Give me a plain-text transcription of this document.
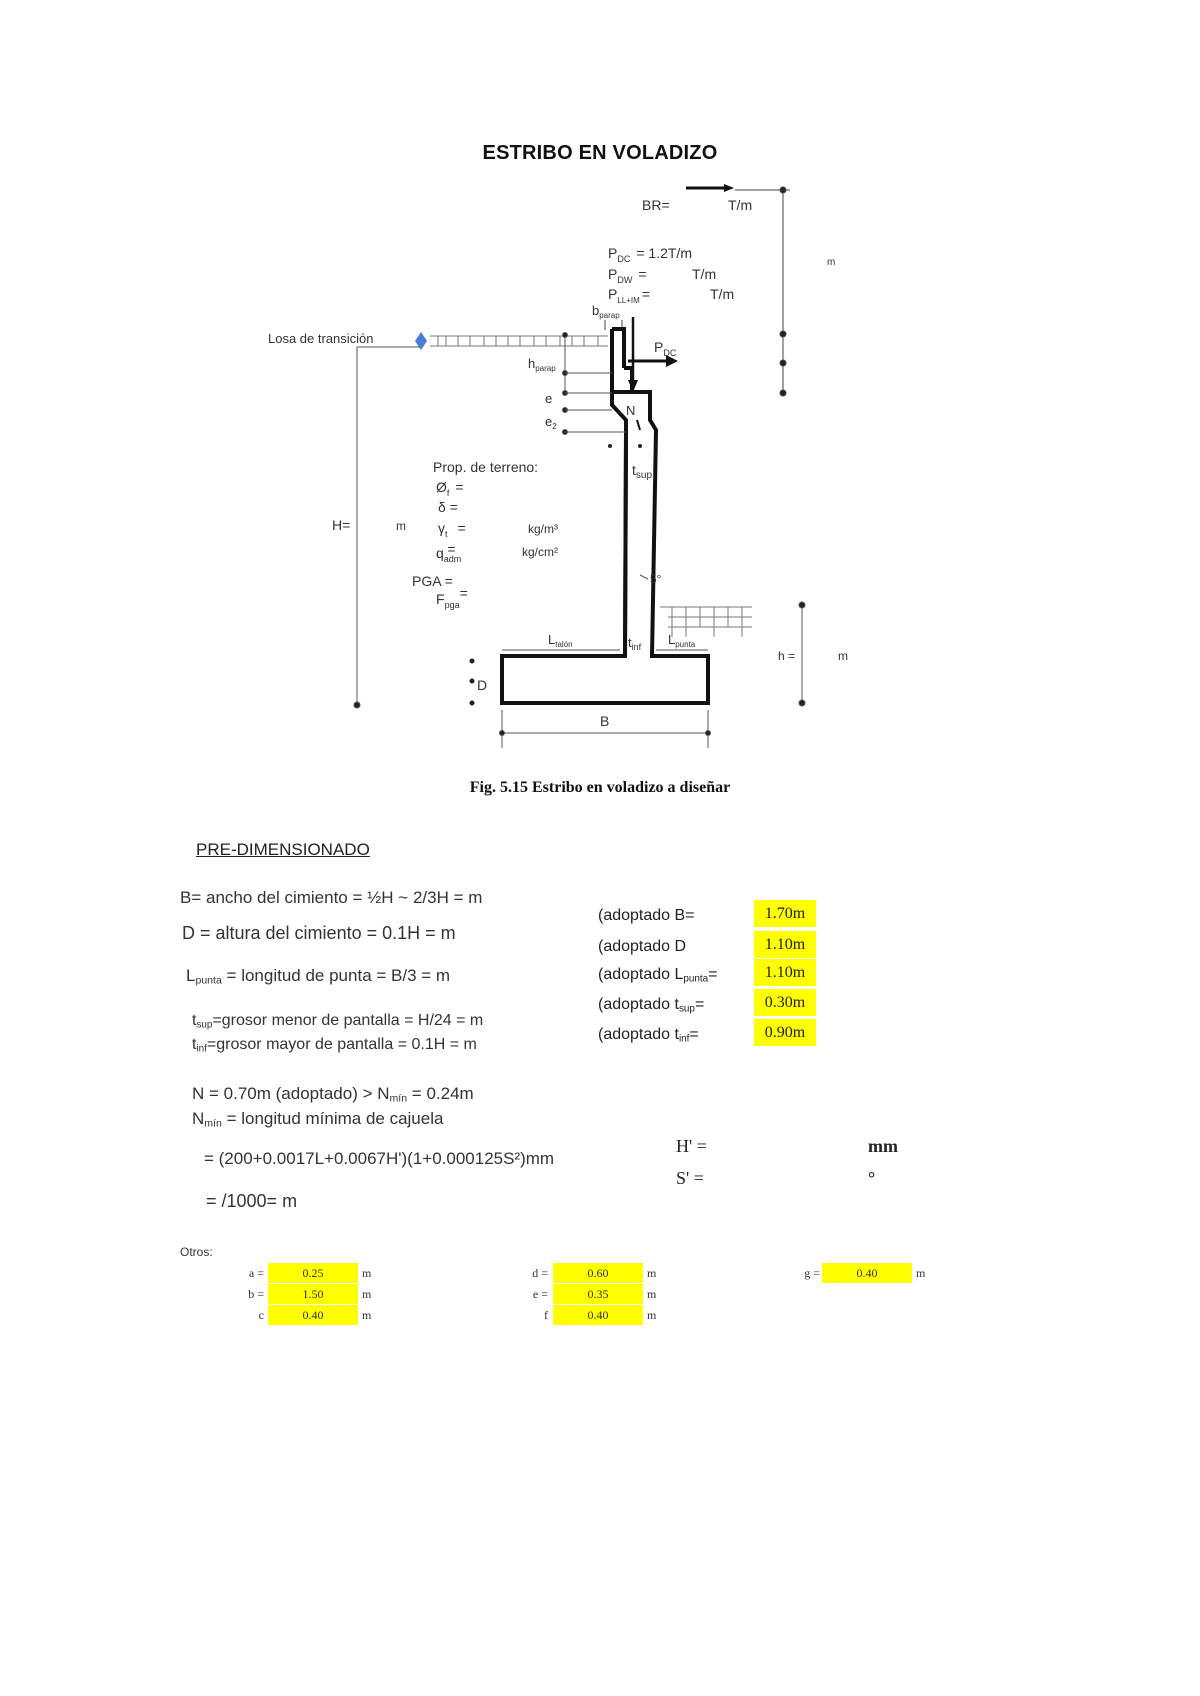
ESTRIBO EN VOLADIZO
Losa de transición
BR=	T/m
$P_{DC} = 1.2T/m$
$P_{DW}$ =	T/m
$P_{LL+IM}$ =	T/m
m
$b_{parap}$
$P_{DC}$
$h_{parap}$
e
$e_2$
N
$t_{sup}$
Prop. de terreno:
$Ø_f$ =
δ =
$\gamma_t$ =	kg/m³
$q_{adm}=$	kg/cm²
PGA =
$F_{pga}=$
H=	m
5°
$L_{talón}$	$t_{inf}$ $L_{punta}$
h =	m
D
B
Fig. 5.15 Estribo en voladizo a diseñar
PRE-DIMENSIONADO
B= ancho del cimiento = ½H ~ 2/3H = m
D = altura del cimiento = 0.1H = m
$L_{punta}$ = longitud de punta = B/3 = m
$t_{sup}=grosor$ menor de pantalla = H/24 = m
$t_{inf}=grosor$ mayor de pantalla = 0.1H = m
(adoptado B=	1.70m
(adoptado D	1.10m
(adoptado $L_{punta}=$	1.10m
(adoptado $t_{sup}=$	0.30m
(adoptado $t_{inf}=$	0.90m
N = 0.70m (adoptado) > $N_{mín} = 0.24m$
$N_{mín}$ = longitud mínima de cajuela
= (200+0.0017L+0.0067H')(1+0.000125S²)mm
= /1000= m
H' =
S' =
mm
°
Otros:
a =	0.25	m
b =	1.50	m
c	0.40	m
d =	0.60	m
e =	0.35	m
f	0.40	m
g =	0.40	m
